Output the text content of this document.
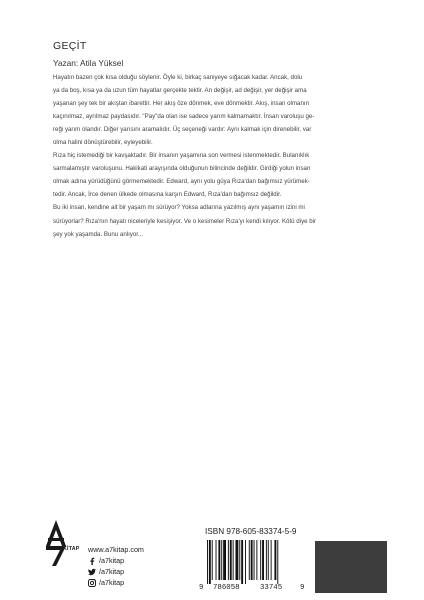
GEÇİT
Yazan: Atila Yüksel
Hayatın bazen çok kısa olduğu söylenir. Öyle ki, birkaç saniyeye sığacak kadar. Ancak, dolu
ya da boş, kısa ya da uzun tüm hayatlar gerçekte tektir. An değişir, ad değişir, yer değişir ama
yaşanan şey tek bir akıştan ibarettir. Her akış öze dönmek, eve dönmektir. Akış, insan olmanın
kaçınılmaz, ayrılmaz paydasıdır. "Pay"da olan ise sadece yarım kalmamaktır. İnsan varoluşu ge-
reği yarım olandır. Diğer yarısını aramalıdır. Üç seçeneği vardır: Aynı kalmak için direnebilir, var
olma halini dönüştürebilir, eyleyebilir.
Rıza hiç istemediği bir kavşaktadır. Bir insanın yaşamına son vermesi istenmektedir. Bulanıklık
sarmalamıştır varoluşunu. Hakikati arayışında olduğunun bilincinde değildir. Girdiği yolun insan
olmak adına yürüdüğünü görmemektedir. Edward, aynı yolu güya Rıza'dan bağımsız yürümek-
tedir. Ancak, İrce denen ülkede olmasına karşın Edward, Rıza'dan bağımsız değildir.
Bu iki insan, kendine ait bir yaşam mı sürüyor? Yoksa adlarına yazılmış aynı yaşamın izini mi
sürüyorlar? Rıza'nın hayatı niceleriyle kesişiyor. Ve o kesimeler Rıza'yı kendi kılıyor. Kötü diye bir
şey yok yaşamda. Bunu anlıyor...
KİTAP www.a7kitap.com
/a7kitap
/a7kitap
/a7kitap
ISBN 978-605-83374-5-9
9 786058	33745 9
